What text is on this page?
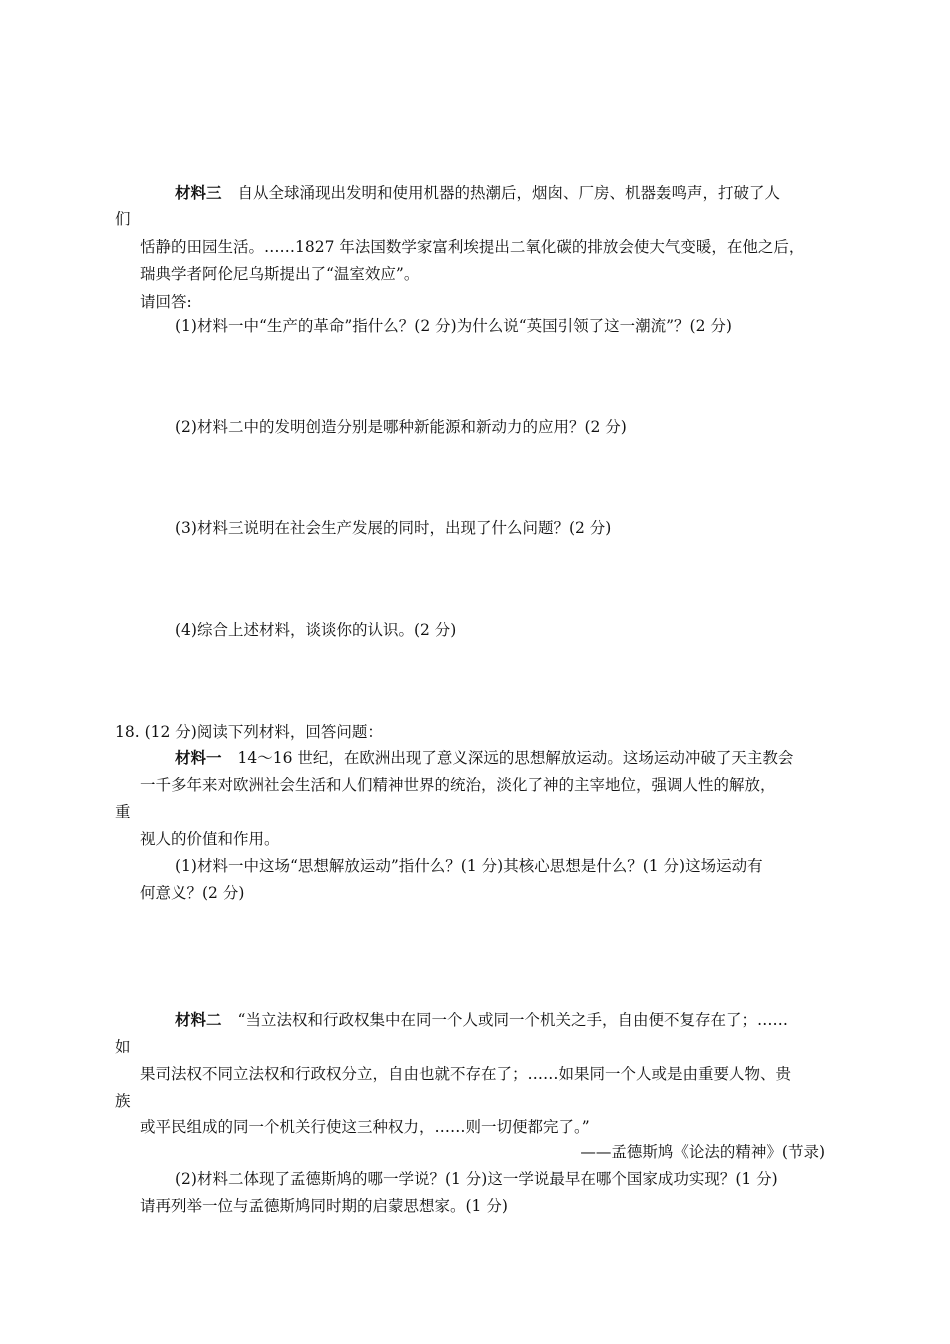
材料三 自从全球涌现出发明和使用机器的热潮后，烟囱、厂房、机器轰鸣声，打破了人
们
恬静的田园生活。……1827 年法国数学家富利埃提出二氧化碳的排放会使大气变暖，在他之后，
瑞典学者阿伦尼乌斯提出了“温室效应”。
请回答:
(1)材料一中“生产的革命”指什么？(2 分)为什么说“英国引领了这一潮流”？(2 分)
(2)材料二中的发明创造分别是哪种新能源和新动力的应用？(2 分)
(3)材料三说明在社会生产发展的同时，出现了什么问题？(2 分)
(4)综合上述材料，谈谈你的认识。(2 分)
18. (12 分)阅读下列材料，回答问题：
材料一 14～16 世纪，在欧洲出现了意义深远的思想解放运动。这场运动冲破了天主教会
一千多年来对欧洲社会生活和人们精神世界的统治，淡化了神的主宰地位，强调人性的解放，
重
视人的价值和作用。
(1)材料一中这场“思想解放运动”指什么？(1 分)其核心思想是什么？(1 分)这场运动有
何意义？(2 分)
材料二 “当立法权和行政权集中在同一个人或同一个机关之手，自由便不复存在了；……
如
果司法权不同立法权和行政权分立，自由也就不存在了；……如果同一个人或是由重要人物、贵
族
或平民组成的同一个机关行使这三种权力，……则一切便都完了。”
——孟德斯鸠《论法的精神》(节录)
(2)材料二体现了孟德斯鸠的哪一学说？(1 分)这一学说最早在哪个国家成功实现？(1 分)
请再列举一位与孟德斯鸠同时期的启蒙思想家。(1 分)
